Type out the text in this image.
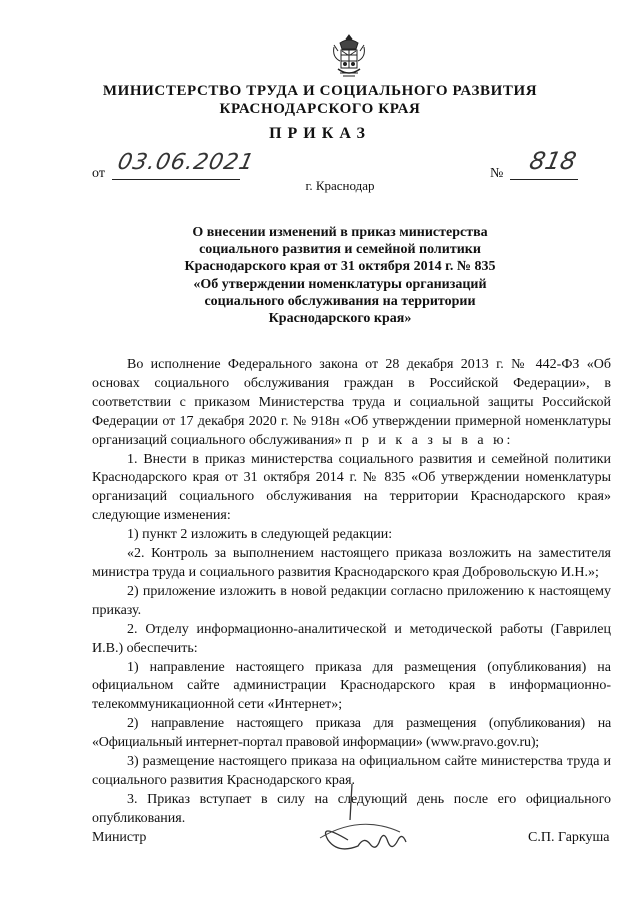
МИНИСТЕРСТВО ТРУДА И СОЦИАЛЬНОГО РАЗВИТИЯ
КРАСНОДАРСКОГО КРАЯ
ПРИКАЗ
от 03.06.2021	№ 818
г. Краснодар
О внесении изменений в приказ министерства
социального развития и семейной политики
Краснодарского края от 31 октября 2014 г. № 835
«Об утверждении номенклатуры организаций
социального обслуживания на территории
Краснодарского края»

Во исполнение Федерального закона от 28 декабря 2013 г. № 442-ФЗ «Об основах социального обслуживания граждан в Российской Федерации», в соответствии с приказом Министерства труда и социальной защиты Российской Федерации от 17 декабря 2020 г. № 918н «Об утверждении примерной номенклатуры организаций социального обслуживания» п р и к а з ы в а ю:

1. Внести в приказ министерства социального развития и семейной политики Краснодарского края от 31 октября 2014 г. № 835 «Об утверждении номенклатуры организаций социального обслуживания на территории Краснодарского края» следующие изменения:

1) пункт 2 изложить в следующей редакции:

«2. Контроль за выполнением настоящего приказа возложить на заместителя министра труда и социального развития Краснодарского края Добровольскую И.Н.»;

2) приложение изложить в новой редакции согласно приложению к настоящему приказу.

2. Отделу информационно-аналитической и методической работы (Гаврилец И.В.) обеспечить:

1) направление настоящего приказа для размещения (опубликования) на официальном сайте администрации Краснодарского края в информационно-телекоммуникационной сети «Интернет»;

2) направление настоящего приказа для размещения (опубликования) на «Официальный интернет-портал правовой информации» (www.pravo.gov.ru);

3) размещение настоящего приказа на официальном сайте министерства труда и социального развития Краснодарского края.

3. Приказ вступает в силу на следующий день после его официального опубликования.

Министр	С.П. Гаркуша
